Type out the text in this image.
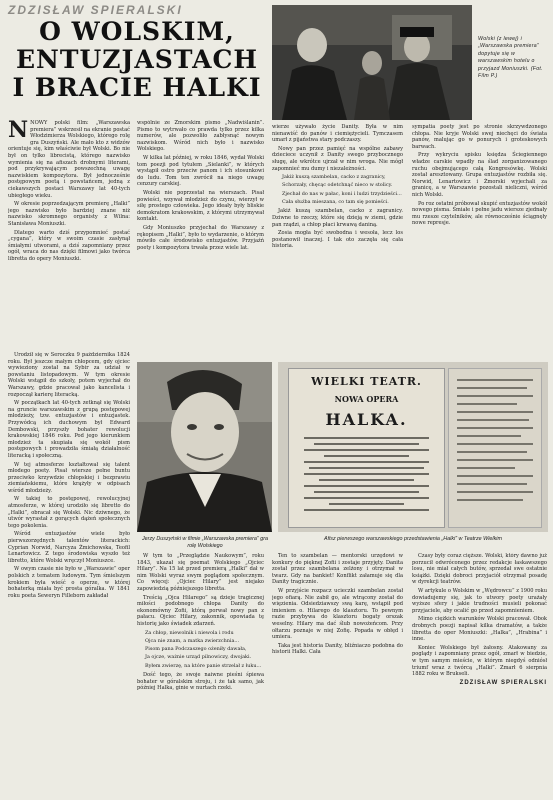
ZDZISŁAW SPIERALSKI
O WOLSKIM,
ENTUZJASTACH
I BRACIE HALKI
Wolski (z lewej) i „Warszawska premiera” dopytuje się w warszawskim hotelu o przyjazd Moniuszki. (Fot. Film P.)

NNOWY polski film: „Warszawska premiera” wskrzesił na ekranie postać Włodzimierza Wolskiego, którego rolę gra Duszyński. Ale mało kto z widzów orientuje się, kim właściwie był Wolski. Bo nie był on tylko librecistą, którego nazwisko wymienia się na afiszach drobnymi literami, pod przykrywającym powszechną uwagę nazwiskiem kompozytora. Był jednocześnie postępowym poetą i powstańcem, jedną z ciekawszych postaci Warszawy lat 40-tych ubiegłego wieku.

W okresie poprzedzającym premierę „Halki” jego nazwisko było bardziej znane niż nazwisko skromnego organisty z Wilna: Stanisława Moniuszki.

Dlatego warto dziś przypomnieć postać „cygana”, który w swoim czasie zasłynął śmiałymi utworami, a dziś zapomniany przez ogół, wraca do nas dzięki filmowi jako twórca libretta do opery Moniuszki.

wspólnie ze Zmorskim pismo „Nadwiślanin”. Pismo to wytrwało co prawda tylko przez kilka numerów, ale pozwoliło zabłysnąć nowym nazwiskom. Wśród nich było i nazwisko Wolskiego.

W kilka lat później, w roku 1846, wydał Wolski tom poezji pod tytułem „Sielanki”, w których wystąpił ostro przeciw panom i ich stosunkowi do ludu. Tom ten zwrócił na niego uwagę cenzury carskiej.

Wolski nie poprzestał na wierszach. Pisał powieści, wzywał młodzież do czynu, wierzył w siłę prostego człowieka. Jego ideały były bliskie demokratom krakowskim, z którymi utrzymywał kontakt.

Gdy Moniuszko przyjechał do Warszawy z rękopisem „Halki”, było to wydarzenie, o którym mówiło całe środowisko entuzjastów. Przyjaźń poety i kompozytora trwała przez wiele lat.

wierze używało życie Danity. Była w nim nienawiść do panów i ciemiężycieli. Tymczasem umarł z pijaństwa stary podczaszy.

Nowy pan przez pamięć na wspólne zabawy dzieciece uczynił z Danity swego przybocznego sługę, ale wkrótce ujrzał w nim wroga. Nie mógł zapomnieć mu dumy i niezależności.

Jakiż kuszą szambelan, cacko z zagranicy,

Schorzały, chęcąc odetchnąć nieco w stolicy.

Zjechał do nas w pałac, koni i ludzi trzydzieści...

Cała służba mieszana, co tam się pomieści.

Jakiż kuszą szambelan, cacko z zagranicy. Dziwne to rzeczy, które się dzieją w ziemi, gdzie pan rządzi, a chłop płaci krwawą daniną.

Zosia mogła być swobodna i wesoła, lecz los postanowił inaczej. I tak oto zaczęła się cała historia.

sympatia poety jest po stronie skrzywdzonego chłopa. Nie kryje Wolski swej niechęci do świata panów, malując go w ponurych i groteskowych barwach.

Przy wykryciu spisku księdza Ściegiennego władze carskie wpadły na ślad zorganizowanego ruchu obejmującego całą Kongresówkę. Wolski został aresztowany. Grupa entuzjastów rozbiła się. Norwid, Lenartowicz i Żmorski wyjechali za granicę, a w Warszawie pozostali nieliczni, wśród nich Wolski.

Po roz ostatni próbował skupić entuzjastów wokół nowego pisma. Śmiałe i pełne jadu wiersze zjednały mu rzesze czytelników, ale równocześnie ściągnęły nowe represje.

Jerzy Duszyński w filmie „Warszawska premiera” gra rolę Wolskiego
WIELKI TEATR.
NOWA OPERA
HALKA.
Afisz pierwszego warszawskiego przedstawienia „Halki” w Teatrze Wielkim

Urodził się w Seroczku 9 października 1824 roku. Był jeszcze małym chłopcem, gdy ojciec wywieziony został na Sybir za udział w powstaniu listopadowym. W tym okresie Wolski wstąpił do szkoły, potem wyjechał do Warszawy, gdzie pracował jako kancelista i rozpoczął karierę literacką.

W początkach lat 40-tych zetknął się Wolski na gruncie warszawskim z grupą postępowej młodzieży, tzw. entuzjastów i entuzjastek. Przywódcą ich duchowym był Edward Dembowski, przyszły bohater rewolucji krakowskiej 1846 roku. Pod jego kierunkiem młodzież ta skupiała się wokół pism postępowych i prowadziła śmiałą działalność literacką i społeczną.

W tej atmosferze kształtował się talent młodego poety. Pisał wiersze pełne buntu przeciwko krzywdzie chłopskiej i bezprawiu ziemiańskiemu, które krążyły w odpisach wśród młodzieży.

W takiej to postępowej, rewolucyjnej atmosferze, w której urodziło się libretto do „Halki”, obracał się Wolski. Nic dziwnego, że utwór wyrastał z gorących dążeń społecznych tego pokolenia.

Wśród entuzjastów wiele było pierwszorzędnych talentów literackich: Cyprian Norwid, Narcyza Żmichowska, Teofil Lenartowicz. Z tego środowiska wyszło też libretto, które Wolski wręczył Moniuszce.

W owym czasie nie było w „Warszawie” oper polskich z tematem ludowym. Tym śmielszym krokiem była wieść o operze, w której bohaterką miała być prosta góralka. W 1841 roku poeta Seweryn Filleborn zakładał

W tym to „Przeglądzie Naukowym”, roku 1843, ukazał się poemat Wolskiego „Ojciec Hilary”. Na 15 lat przed premierą „Halki” dał w nim Wolski wyraz swym poglądom społecznym. Co więcej: „Ojciec Hilary” jest niejako zapowiedzią późniejszego libretta.

Treścią „Ojca Hilarego” są dzieje tragicznej miłości podobnego chłopa Danity do ekonomówny Zofii, którą porwał nowy pan z pałacu. Ojciec Hilary, zakonnik, opowiada tę historię jako świadek zdarzeń.

Za chłop, niewolnik i niewola i rodu

Ojca nie znam, a matka zwierzchnia...

Pisom pana Podczaszego ożeniły dawała,

Ja ojcze, ważnie urząd pilnowiczy, dwojaki.

Byłem zwierzę, na które panie strzelał z łuku...

Dość tego, że swoje naiwne pieśni śpiewa bohater w góralskim stroju, i że tak samo, jak później Halka, ginie w nurtach rzeki.

Ten to szambelan — mentorski urzędowi w konkury do pięknej Zofii i zostaje przyjęty. Danita został przez szambelana zelżony i otrzymał w twarz. Gdy na bankiet! Konflikt załamuje się dla Danity tragicznie.

W przyjście rozpacz ucieczki szambelan został jego ofiarą. Nie zabił go, ale wtrącony został do więzienia. Odsiedziawszy swą karę, wstąpił pod imieniem o. Hilarego do klasztoru. To pewnym razie przybywa do klasztoru bogaty orszak weselny. Hilary ma dać ślub nowożeńcom. Przy ołtarzu poznaje w niej Zofię. Popada w obłęd i umiera.

Taka jest historia Danity, bliźniaczo podobna do historii Halki. Cała

Czasy były coraz cięższe. Wolski, który dawno już porzucił odwróconego przez redakcje łaskawszego losu, nie miał całych butów, sprzedał swe ostatnie książki. Dzięki dobroci przyjaciół otrzymał posadę w dyrekcji teatrów.

W artykule o Wolskim w „Wędrowcu” z 1900 roku dowiadujemy się, jak to utwory poety urażały wyższe sfery i jakie trudności musieli pokonać przyjaciele, aby ocalić go przed zapomnieniem.

Mimo ciężkich warunków Wolski pracował. Obok drobnych poezji napisał kilka dramatów, a także libretta do oper Moniuszki: „Halka”, „Hrabina” i inne.

Koniec Wolskiego był żałosny. Atakowany za poglądy i zapomniany przez ogół, zmarł w biedzie, w tym samym mieście, w którym niegdyś odniósł triumf wraz z twórcą „Halki”. Zmarł 6 sierpnia 1882 roku w Brukseli.

ZDZISŁAW SPIERALSKI
